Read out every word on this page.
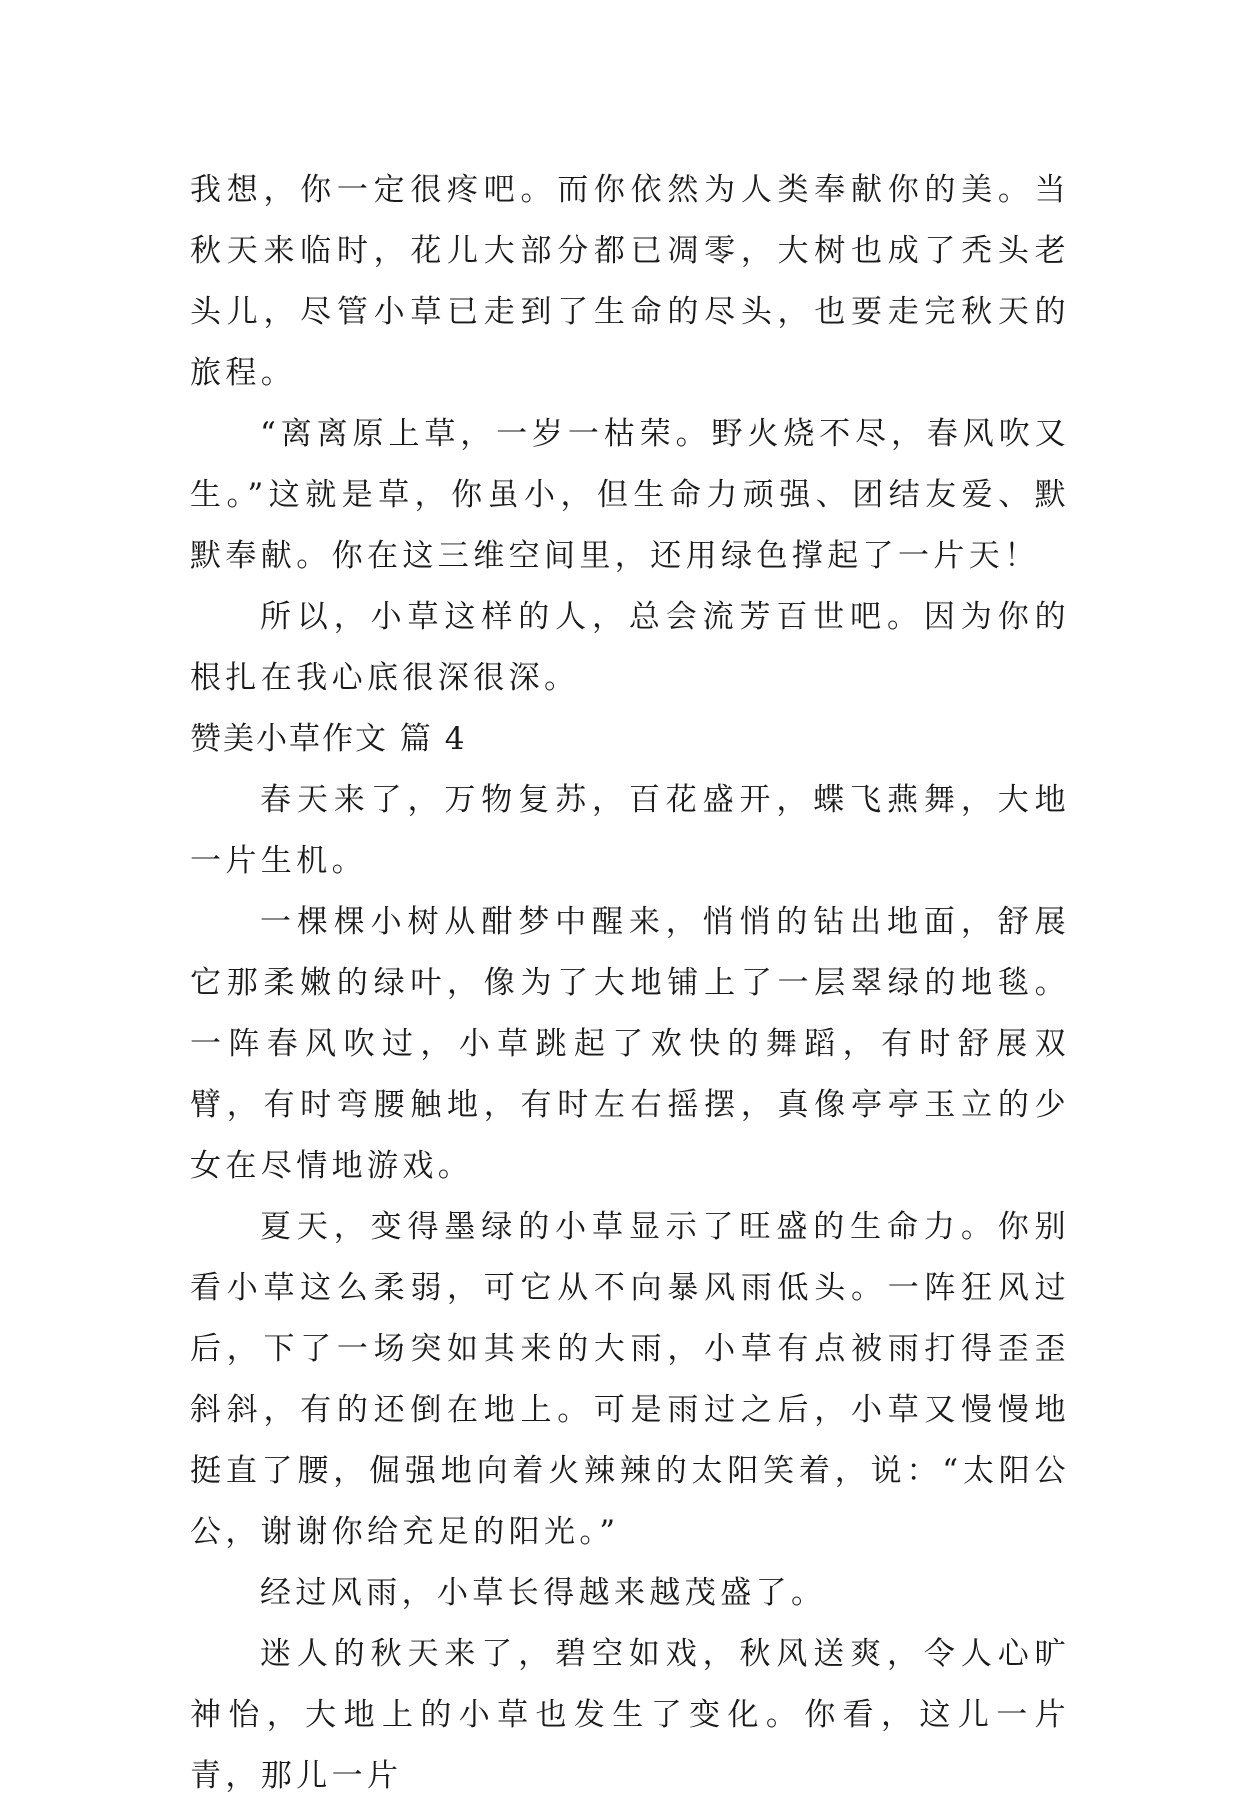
我想，你一定很疼吧。而你依然为人类奉献你的美。当秋天来临时，花儿大部分都已凋零，大树也成了秃头老头儿，尽管小草已走到了生命的尽头，也要走完秋天的旅程。

“离离原上草，一岁一枯荣。野火烧不尽，春风吹又生。”这就是草，你虽小，但生命力顽强、团结友爱、默默奉献。你在这三维空间里，还用绿色撑起了一片天！

所以，小草这样的人，总会流芳百世吧。因为你的根扎在我心底很深很深。

赞美小草作文 篇 4

春天来了，万物复苏，百花盛开，蝶飞燕舞，大地一片生机。

一棵棵小树从酣梦中醒来，悄悄的钻出地面，舒展它那柔嫩的绿叶，像为了大地铺上了一层翠绿的地毯。一阵春风吹过，小草跳起了欢快的舞蹈，有时舒展双臂，有时弯腰触地，有时左右摇摆，真像亭亭玉立的少女在尽情地游戏。

夏天，变得墨绿的小草显示了旺盛的生命力。你别看小草这么柔弱，可它从不向暴风雨低头。一阵狂风过后，下了一场突如其来的大雨，小草有点被雨打得歪歪斜斜，有的还倒在地上。可是雨过之后，小草又慢慢地挺直了腰，倔强地向着火辣辣的太阳笑着，说：“太阳公公，谢谢你给充足的阳光。”

经过风雨，小草长得越来越茂盛了。

迷人的秋天来了，碧空如戏，秋风送爽，令人心旷神怡，大地上的小草也发生了变化。你看，这儿一片青，那儿一片
